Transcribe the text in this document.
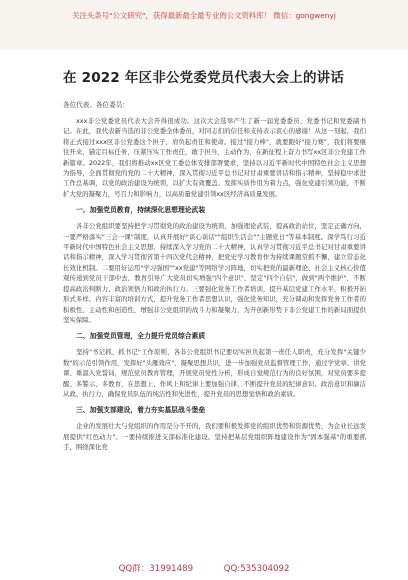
关注头条号"公文研究"，获得最新最全最专业的公文资料库！ 微信：gongwenyj
在 2022 年区非公党委党员代表大会上的讲话
各位代表、各位委员：

xxx非公党委党员代表大会开得很成功。这次大会选举产生了新一届党委委员、党委书记和党委副书记。在此，我代表新当选的非公党委全体委员，对同志们的信任和支持表示衷心的感谢！从这一刻起，我们将正式接过xxx区非公党委这个担子，肩负起责任和使命。接过"接力棒"，就要跑好"接力赛"，我们将要继往开来，锚定目标任务，压紧压实工作责任，敢于担当，主动作为，在新征程上奋力书写xx区非公党建工作新篇章。2022年，我们将推动xx区党工委总体安排部署要求，坚持以习近平新时代中国特色社会主义思想为指导，全面贯彻党的党的二十大精神，深入贯彻习近平总书记对甘肃重要讲话和指示精神，坚持稳中求进工作总基调，以党的政治建设为统领，以扩大有效覆盖、发挥实质作用为着力点，强化党建引领功能，不断扩大党的凝聚力，号召力和影响力，以高质量党建引领xx区经济高质量发展。

一、加强党员教育，持续深化思想理论武装

各非公党组织要坚持把学习贯彻党的政治建设为统领，加强理论武装，提高政治站位，坚定正确方向，一要严格落实"三会一课"制度，认真开展好"谈心谈话""组织生活会""主题党日"等基本制度。深学笃行习近平新时代中国特色社会主义思想，持续深入学习党的二十大精神，认真学习贯彻习近平总书记对甘肃重要讲话和指示精神，深入学习贯彻省第十四次党代会精神，把党史学习教育作为持续课题常抓不懈，建立常态化长效化机制。二要用好运用"学习强国""xx党建"等网络学习阵地，切实把党的最新理论、社会主义核心价值观传递到党员干部中去，教育引导广大党员切实增强"四个意识"，坚定"四个自信"，做到"两个维护"，不断提高政治判断力、政治领悟力和政治执行力。三要强化党务工作者培训，提升基层党建工作水平，积极开拓形式多样、内容丰富的培训方式，提升党务工作者思想认识，强化党务知识，充分调动和发挥党务工作者的积极性、主动性和创造性，增强非公党组织的战斗力和凝聚力，为开创新形势下非公党建工作的新局面提供坚实保障。

二、加强党员管理，全力提升党员综合素质

坚持"书记抓、抓书记"工作原则，各非公党组织书记要切实担负起第一责任人职责，充分发挥"关键少数"的示范引领作用，发挥好"头雁效应"，凝聚思想共识，进一步加强党员监督管理工作，通过学党章、讲党课、重温入党誓词，规范党员教育管理，开展党员党性分析，形成自觉规范行为的良好氛围，对党员要多提醒、多警示、多教育，在思想上、作风上和纪律上要加强自律，不断提升党员的纪律意识、政治意识和廉洁从政、执行力，确保党员队伍的纯洁性和先进性，提升党员的思想觉悟和政治素质。

三、加强支部建设，着力夯实基层战斗堡垒

企业的发展壮大与党组织的作用是分不开的，我们要积极发挥党的组织优势和资源优势，为企业长远发展提供"红色动力"。一要持续推进支部标准化建设。坚持把基层党组织阵地建设作为"固本强基"的重要抓手，围绕深化党

QQ群：31991489	QQ:535304092
